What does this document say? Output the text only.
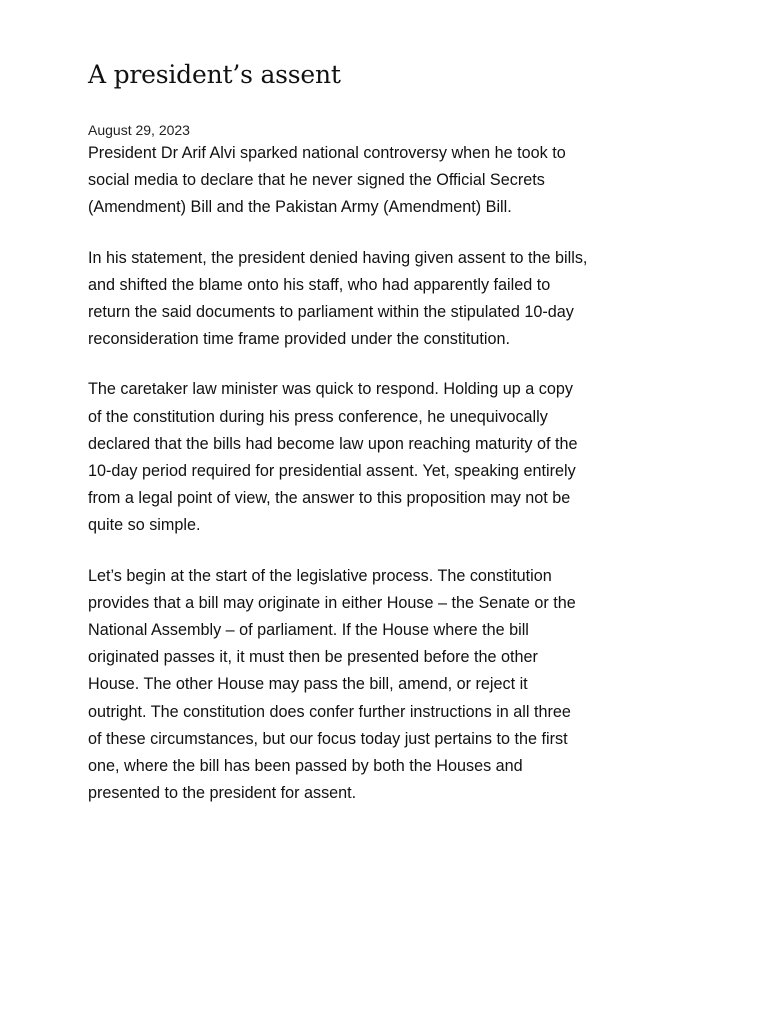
A president’s assent

August 29, 2023

President Dr Arif Alvi sparked national controversy when he took to social media to declare that he never signed the Official Secrets (Amendment) Bill and the Pakistan Army (Amendment) Bill.

In his statement, the president denied having given assent to the bills, and shifted the blame onto his staff, who had apparently failed to return the said documents to parliament within the stipulated 10-day reconsideration time frame provided under the constitution.

The caretaker law minister was quick to respond. Holding up a copy of the constitution during his press conference, he unequivocally declared that the bills had become law upon reaching maturity of the 10-day period required for presidential assent. Yet, speaking entirely from a legal point of view, the answer to this proposition may not be quite so simple.

Let’s begin at the start of the legislative process. The constitution provides that a bill may originate in either House – the Senate or the National Assembly – of parliament. If the House where the bill originated passes it, it must then be presented before the other House. The other House may pass the bill, amend, or reject it outright. The constitution does confer further instructions in all three of these circumstances, but our focus today just pertains to the first one, where the bill has been passed by both the Houses and presented to the president for assent.
